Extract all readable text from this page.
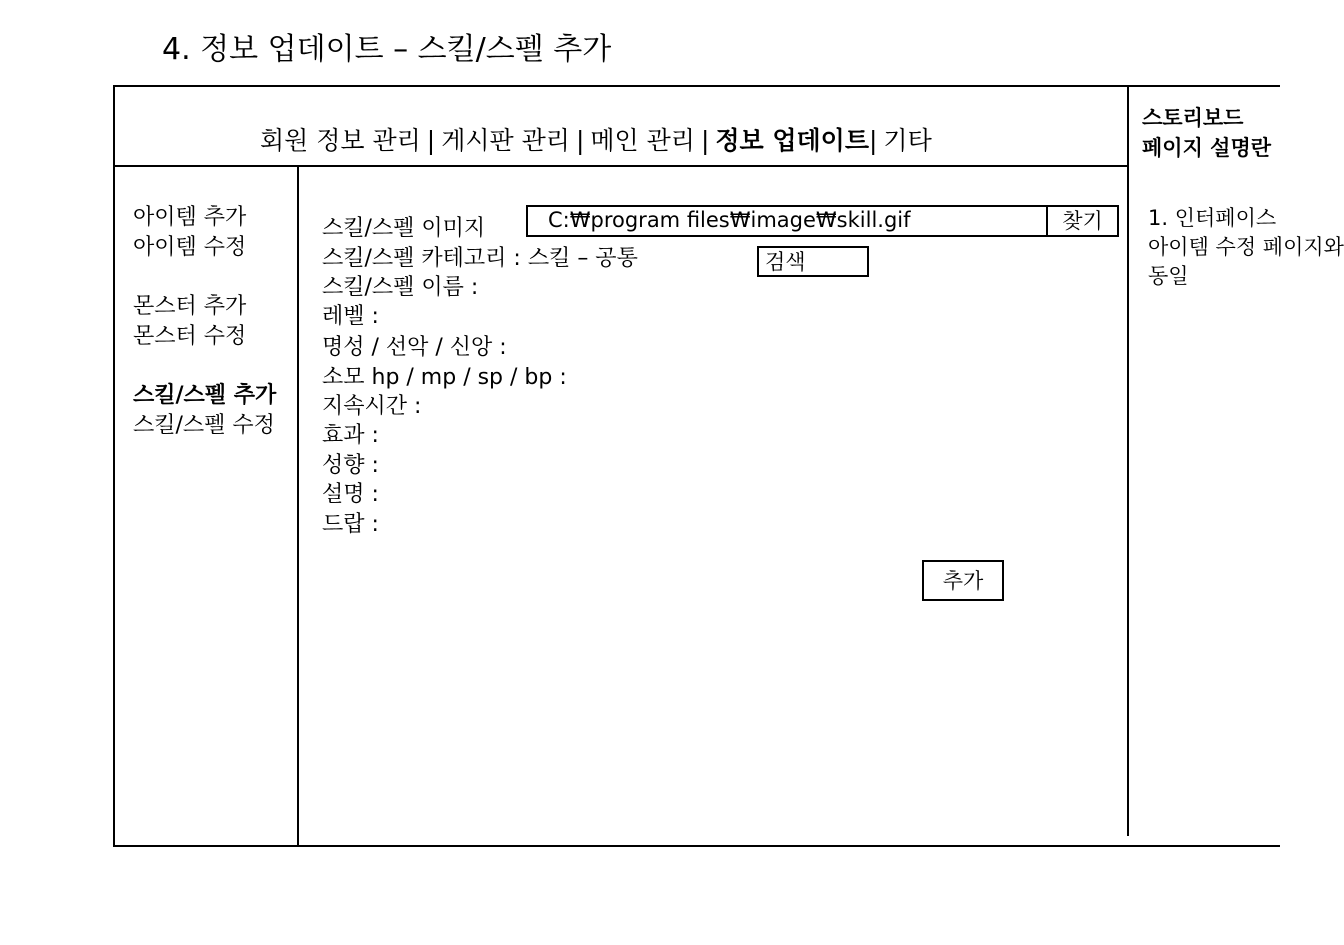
4. 정보 업데이트 – 스킬/스펠 추가
회원 정보 관리 | 게시판 관리 | 메인 관리 | 정보 업데이트| 기타
아이템 추가
아이템 수정
몬스터 추가
몬스터 수정
스킬/스펠 추가
스킬/스펠 수정
스킬/스펠 이미지	C:₩program files₩image₩skill.gif	찾기
스킬/스펠 카테고리 : 스킬 – 공통	검색
스킬/스펠 이름 :
레벨 :
명성 / 선악 / 신앙 :
소모 hp / mp / sp / bp :
지속시간 :
효과 :
성향 :
설명 :
드랍 :
추가
스토리보드
페이지 설명란
1. 인터페이스
아이템 수정 페이지와
동일
